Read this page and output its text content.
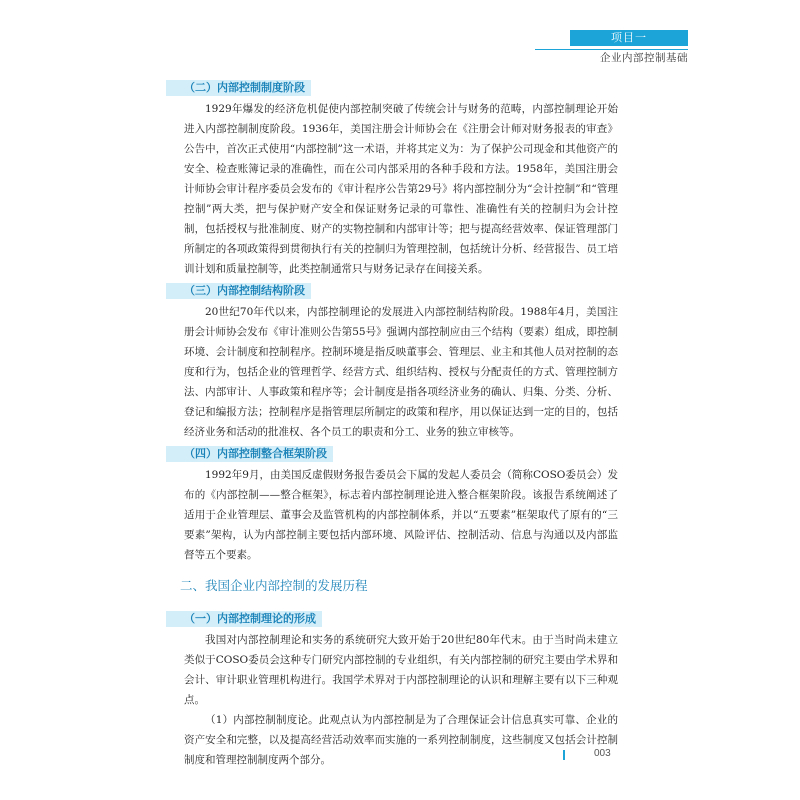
项目一
企业内部控制基础
（二）内部控制制度阶段

1929年爆发的经济危机促使内部控制突破了传统会计与财务的范畴，内部控制理论开始进入内部控制制度阶段。1936年，美国注册会计师协会在《注册会计师对财务报表的审查》公告中，首次正式使用“内部控制”这一术语，并将其定义为：为了保护公司现金和其他资产的安全、检查账簿记录的准确性，而在公司内部采用的各种手段和方法。1958年，美国注册会计师协会审计程序委员会发布的《审计程序公告第29号》将内部控制分为“会计控制”和“管理控制”两大类，把与保护财产安全和保证财务记录的可靠性、准确性有关的控制归为会计控制，包括授权与批准制度、财产的实物控制和内部审计等；把与提高经营效率、保证管理部门所制定的各项政策得到贯彻执行有关的控制归为管理控制，包括统计分析、经营报告、员工培训计划和质量控制等，此类控制通常只与财务记录存在间接关系。

（三）内部控制结构阶段

20世纪70年代以来，内部控制理论的发展进入内部控制结构阶段。1988年4月，美国注册会计师协会发布《审计准则公告第55号》强调内部控制应由三个结构（要素）组成，即控制环境、会计制度和控制程序。控制环境是指反映董事会、管理层、业主和其他人员对控制的态度和行为，包括企业的管理哲学、经营方式、组织结构、授权与分配责任的方式、管理控制方法、内部审计、人事政策和程序等；会计制度是指各项经济业务的确认、归集、分类、分析、登记和编报方法；控制程序是指管理层所制定的政策和程序，用以保证达到一定的目的，包括经济业务和活动的批准权、各个员工的职责和分工、业务的独立审核等。

（四）内部控制整合框架阶段

1992年9月，由美国反虚假财务报告委员会下属的发起人委员会（简称COSO委员会）发布的《内部控制——整合框架》，标志着内部控制理论进入整合框架阶段。该报告系统阐述了适用于企业管理层、董事会及监管机构的内部控制体系，并以“五要素”框架取代了原有的“三要素”架构，认为内部控制主要包括内部环境、风险评估、控制活动、信息与沟通以及内部监督等五个要素。

二、我国企业内部控制的发展历程
（一）内部控制理论的形成

我国对内部控制理论和实务的系统研究大致开始于20世纪80年代末。由于当时尚未建立类似于COSO委员会这种专门研究内部控制的专业组织，有关内部控制的研究主要由学术界和会计、审计职业管理机构进行。我国学术界对于内部控制理论的认识和理解主要有以下三种观点。

（1）内部控制制度论。此观点认为内部控制是为了合理保证会计信息真实可靠、企业的资产安全和完整，以及提高经营活动效率而实施的一系列控制制度，这些制度又包括会计控制制度和管理控制制度两个部分。

003
